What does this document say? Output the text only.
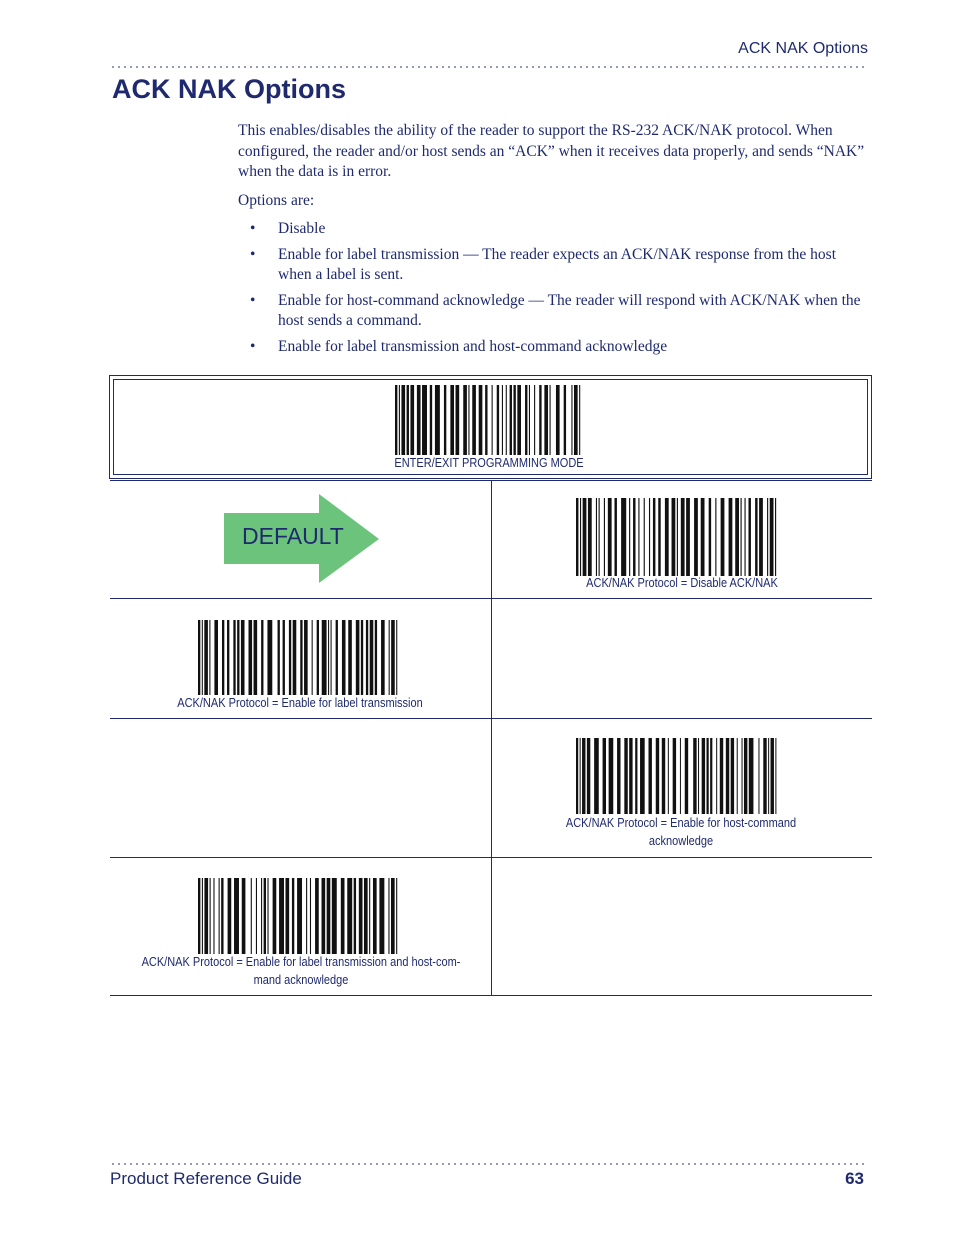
ACK NAK Options
ACK NAK Options

This enables/disables the ability of the reader to support the RS-232 ACK/NAK protocol. When configured, the reader and/or host sends an “ACK” when it receives data properly, and sends “NAK” when the data is in error.

Options are:

• Disable
• Enable for label transmission — The reader expects an ACK/NAK response from the host when a label is sent.
• Enable for host-command acknowledge — The reader will respond with ACK/NAK when the host sends a command.
• Enable for label transmission and host-command acknowledge
ENTER/EXIT PROGRAMMING MODE
DEFAULT
ACK/NAK Protocol = Disable ACK/NAK
ACK/NAK Protocol = Enable for label transmission
ACK/NAK Protocol = Enable for host-command acknowledge
ACK/NAK Protocol = Enable for label transmission and host-com-mand acknowledge
Product Reference Guide	63
